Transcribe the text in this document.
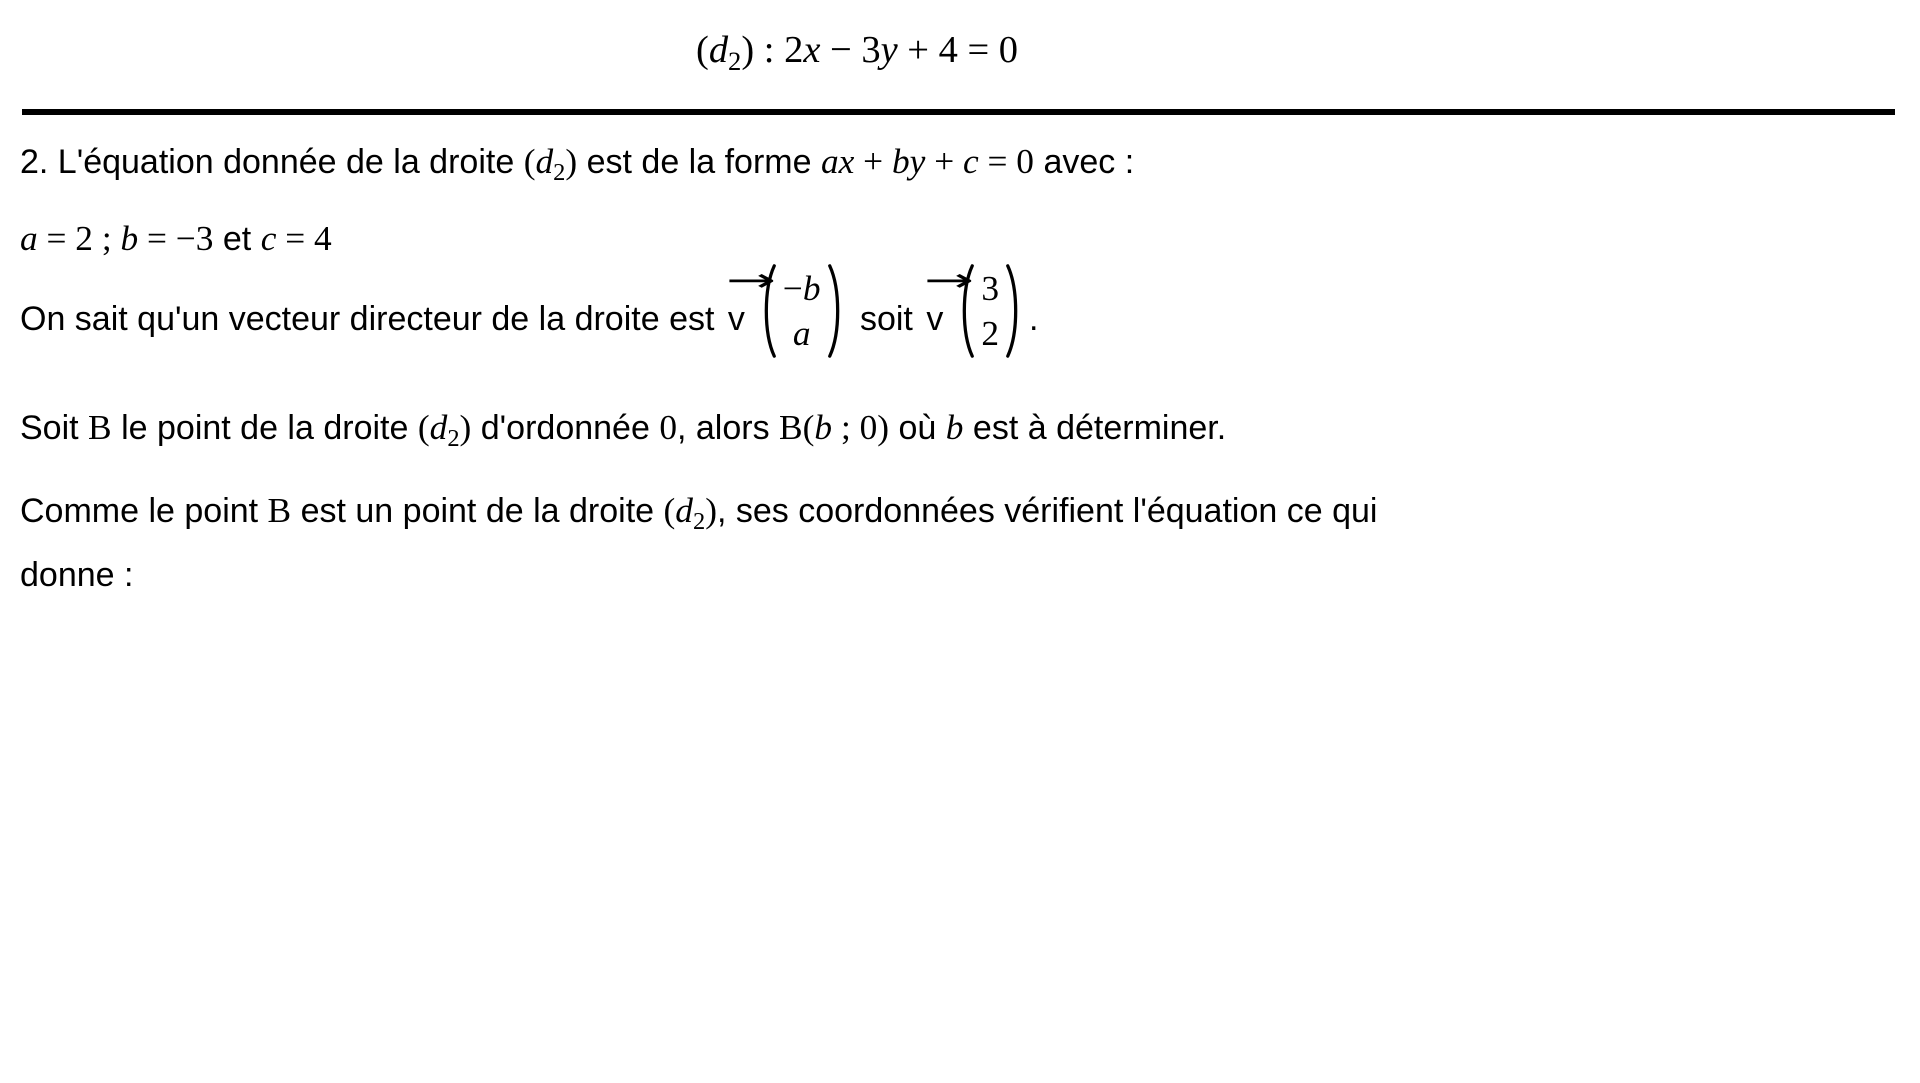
$(d_2)$ : 2x − 3y + 4 = 0
2. L'équation donnée de la droite $(d_2)$ est de la forme ax + by + c = 0 avec :
a = 2 ; b = −3 et c = 4
On sait qu'un vecteur directeur de la droite est
→
v
−b
a soit
→
v
3
2 .
Soit B le point de la droite $(d_2)$ d'ordonnée 0, alors B(b ; 0) où b est à déterminer.
Comme le point B est un point de la droite $(d_2)$, ses coordonnées vérifient l'équation ce qui
donne :
